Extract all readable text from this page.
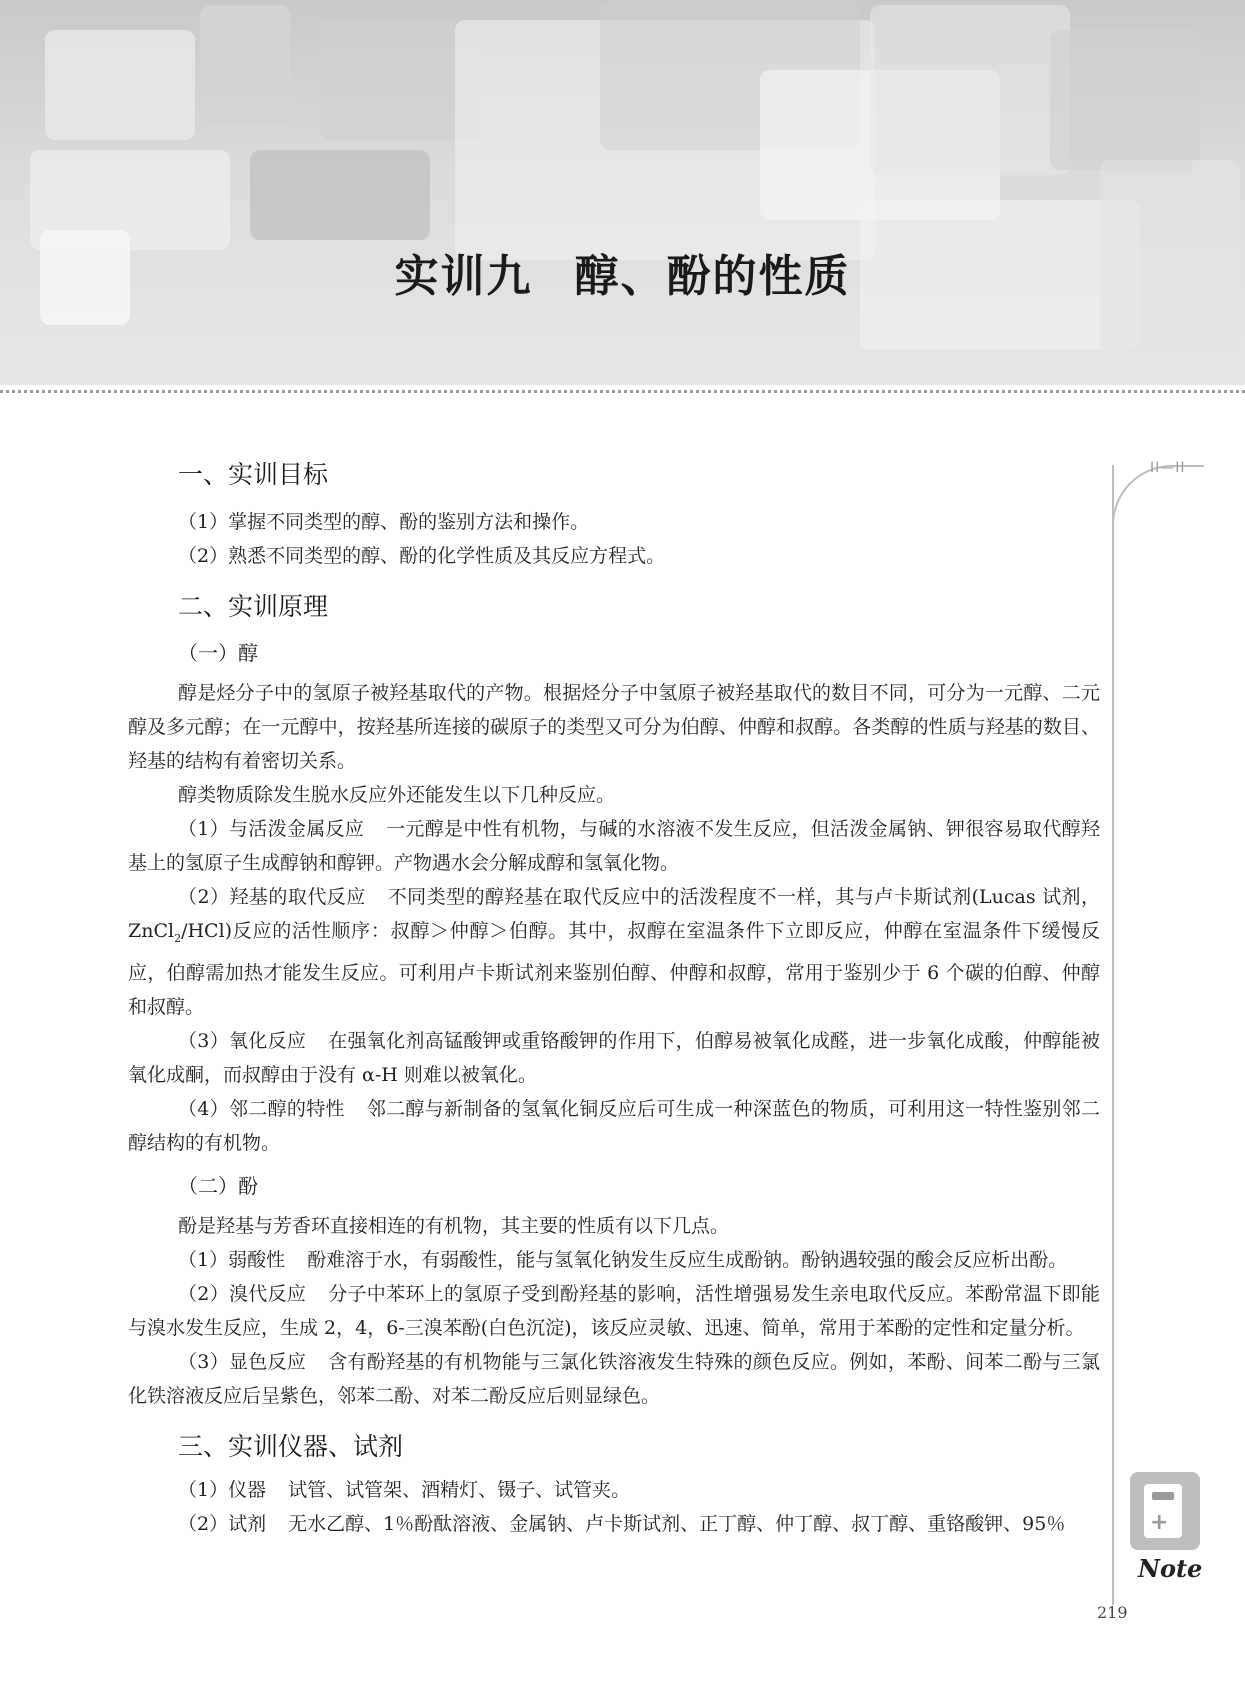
实训九 醇、酚的性质
II—II
+
Note
一、实训目标

（1）掌握不同类型的醇、酚的鉴别方法和操作。

（2）熟悉不同类型的醇、酚的化学性质及其反应方程式。

二、实训原理
（一）醇

醇是烃分子中的氢原子被羟基取代的产物。根据烃分子中氢原子被羟基取代的数目不同，可分为一元醇、二元醇及多元醇；在一元醇中，按羟基所连接的碳原子的类型又可分为伯醇、仲醇和叔醇。各类醇的性质与羟基的数目、羟基的结构有着密切关系。

醇类物质除发生脱水反应外还能发生以下几种反应。

（1）与活泼金属反应 一元醇是中性有机物，与碱的水溶液不发生反应，但活泼金属钠、钾很容易取代醇羟基上的氢原子生成醇钠和醇钾。产物遇水会分解成醇和氢氧化物。

（2）羟基的取代反应 不同类型的醇羟基在取代反应中的活泼程度不一样，其与卢卡斯试剂(Lucas 试剂，ZnCl$_2$/HCl)反应的活性顺序：叔醇＞仲醇＞伯醇。其中，叔醇在室温条件下立即反应，仲醇在室温条件下缓慢反应，伯醇需加热才能发生反应。可利用卢卡斯试剂来鉴别伯醇、仲醇和叔醇，常用于鉴别少于 6 个碳的伯醇、仲醇和叔醇。

（3）氧化反应 在强氧化剂高锰酸钾或重铬酸钾的作用下，伯醇易被氧化成醛，进一步氧化成酸，仲醇能被氧化成酮，而叔醇由于没有 α-H 则难以被氧化。

（4）邻二醇的特性 邻二醇与新制备的氢氧化铜反应后可生成一种深蓝色的物质，可利用这一特性鉴别邻二醇结构的有机物。

（二）酚

酚是羟基与芳香环直接相连的有机物，其主要的性质有以下几点。

（1）弱酸性 酚难溶于水，有弱酸性，能与氢氧化钠发生反应生成酚钠。酚钠遇较强的酸会反应析出酚。

（2）溴代反应 分子中苯环上的氢原子受到酚羟基的影响，活性增强易发生亲电取代反应。苯酚常温下即能与溴水发生反应，生成 2，4，6-三溴苯酚(白色沉淀)，该反应灵敏、迅速、简单，常用于苯酚的定性和定量分析。

（3）显色反应 含有酚羟基的有机物能与三氯化铁溶液发生特殊的颜色反应。例如，苯酚、间苯二酚与三氯化铁溶液反应后呈紫色，邻苯二酚、对苯二酚反应后则显绿色。

三、实训仪器、试剂

（1）仪器 试管、试管架、酒精灯、镊子、试管夹。

（2）试剂 无水乙醇、1％酚酞溶液、金属钠、卢卡斯试剂、正丁醇、仲丁醇、叔丁醇、重铬酸钾、95％

219
